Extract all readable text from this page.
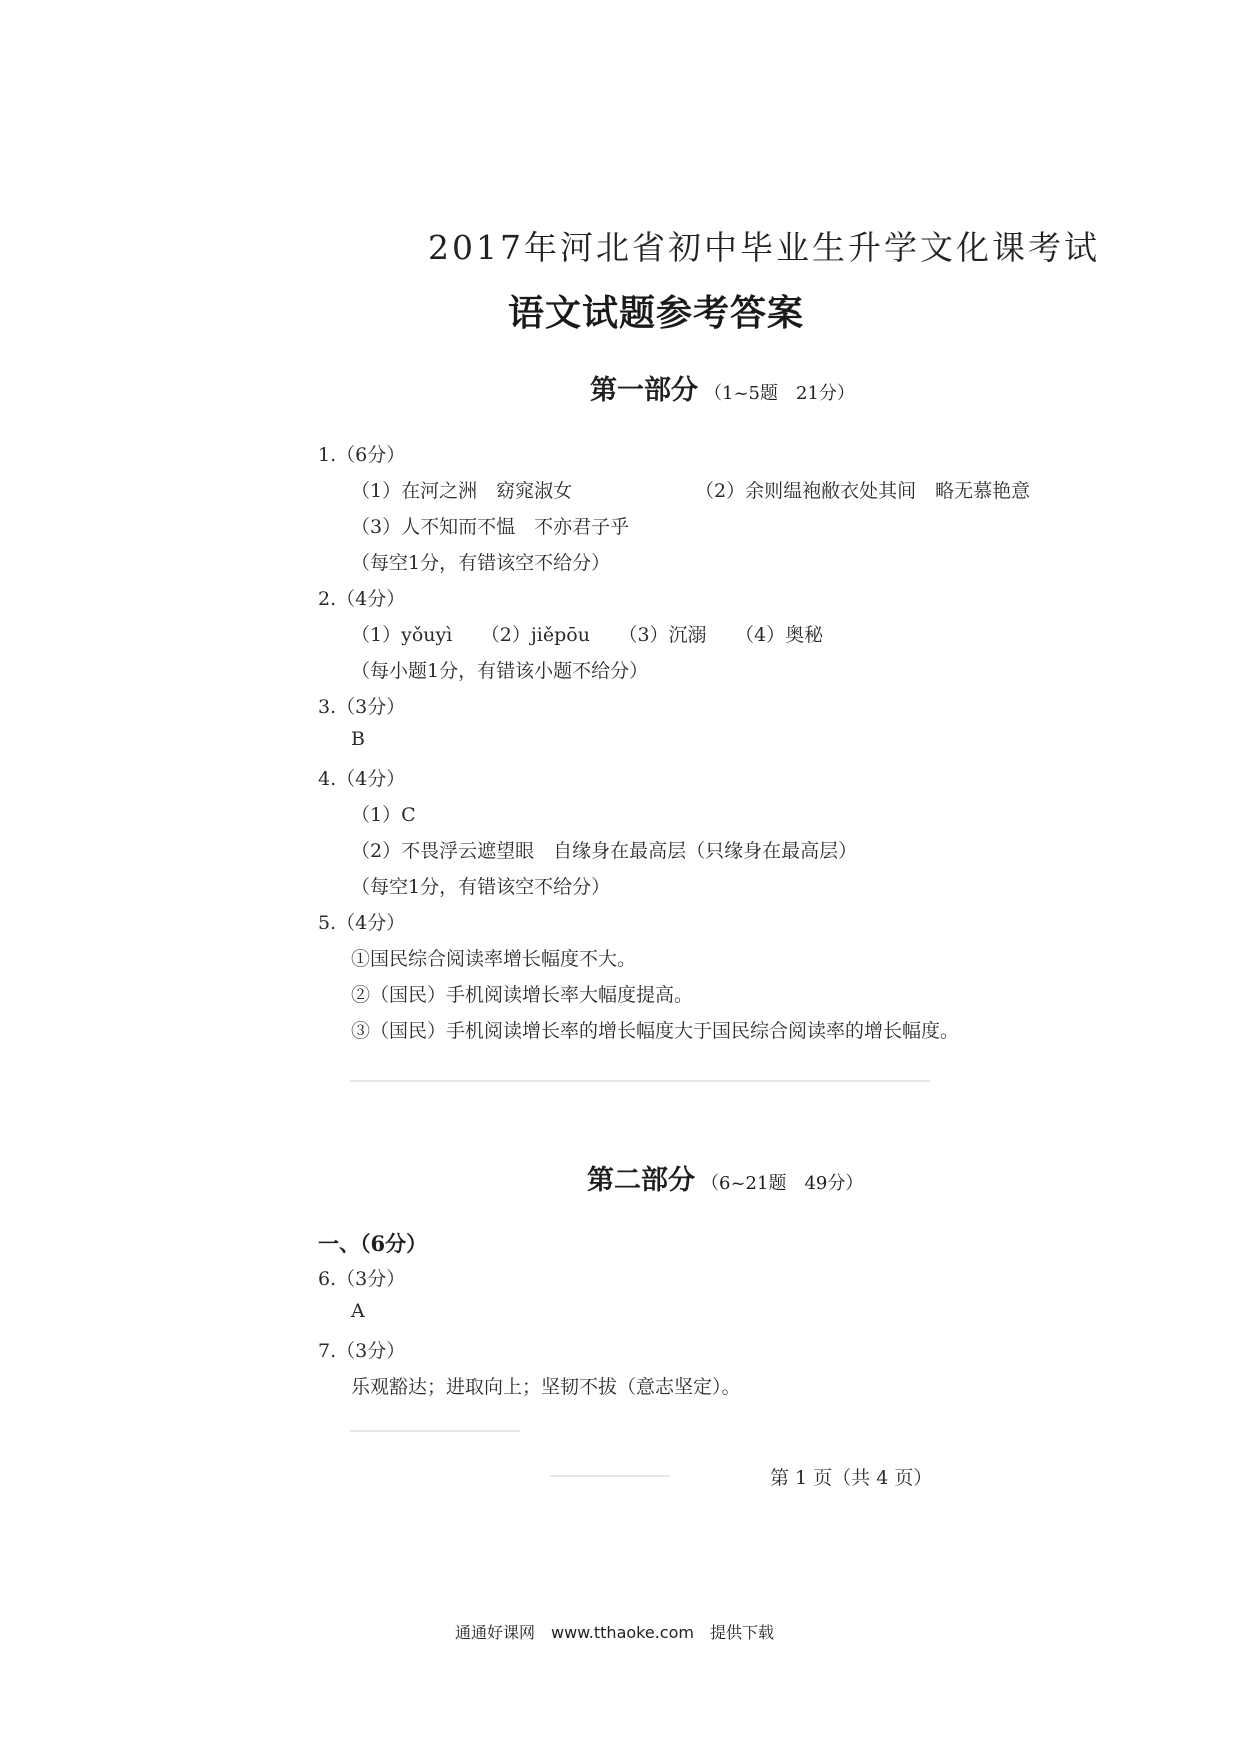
2017年河北省初中毕业生升学文化课考试
语文试题参考答案
第一部分 （1~5题　21分）
1.（6分）
（1）在河之洲　窈窕淑女	（2）余则缊袍敝衣处其间　略无慕艳意
（3）人不知而不愠　不亦君子乎
（每空1分，有错该空不给分）
2.（4分）
（1）yǒuyì　　（2）jiěpōu　　（3）沉溺　　（4）奥秘
（每小题1分，有错该小题不给分）
3.（3分）
B
4.（4分）
（1）C
（2）不畏浮云遮望眼　自缘身在最高层（只缘身在最高层）
（每空1分，有错该空不给分）
5.（4分）
①国民综合阅读率增长幅度不大。
②（国民）手机阅读增长率大幅度提高。
③（国民）手机阅读增长率的增长幅度大于国民综合阅读率的增长幅度。
第二部分 （6~21题　49分）
一、（6分）
6.（3分）
A
7.（3分）
乐观豁达；进取向上；坚韧不拔（意志坚定）。
第 1 页（共 4 页）
通通好课网　www.tthaoke.com　提供下载
